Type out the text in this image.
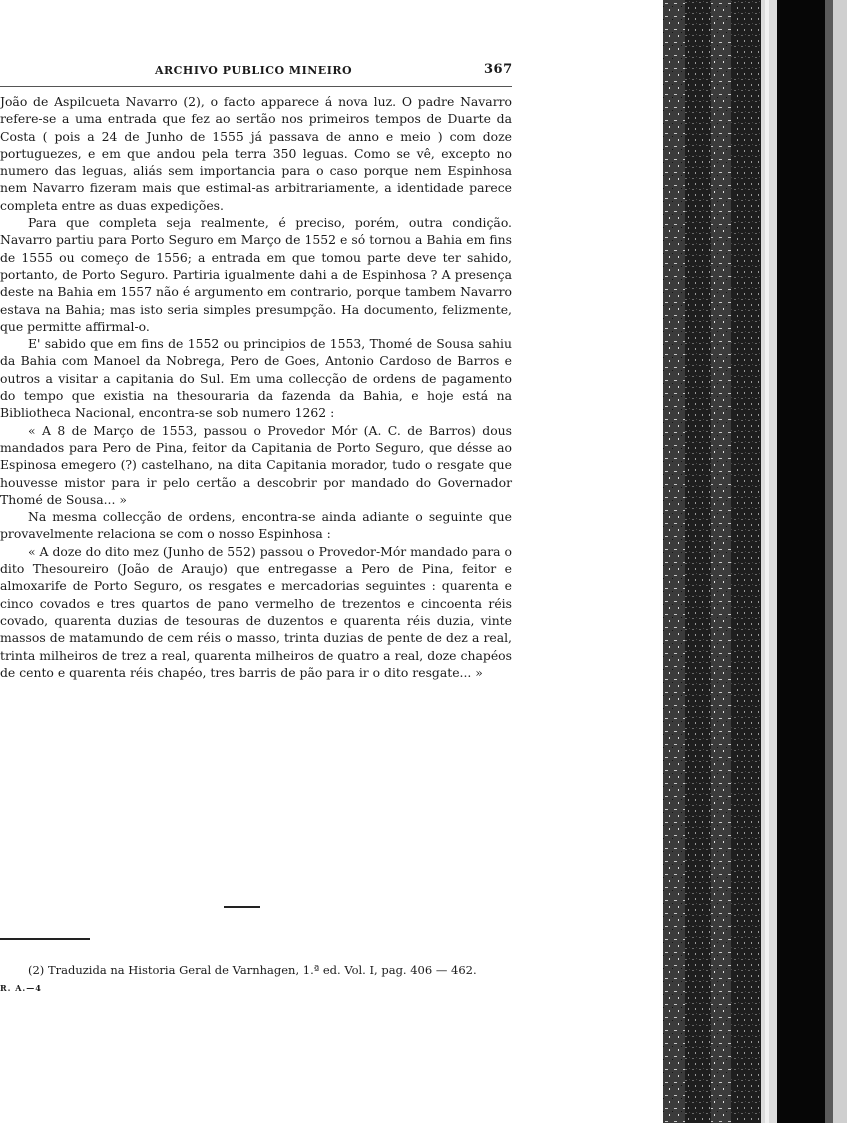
ARCHIVO PUBLICO MINEIRO	367

João de Aspilcueta Navarro (2), o facto apparece á nova luz. O padre Navarro refere-se a uma entrada que fez ao sertão nos primeiros tempos de Duarte da Costa ( pois a 24 de Junho de 1555 já passava de anno e meio ) com doze portuguezes, e em que andou pela terra 350 leguas. Como se vê, excepto no numero das leguas, aliás sem importancia para o caso porque nem Espinhosa nem Navarro fizeram mais que estimal-as arbitrariamente, a identidade parece completa entre as duas expedições.

Para que completa seja realmente, é preciso, porém, outra condição. Navarro partiu para Porto Seguro em Março de 1552 e só tornou a Bahia em fins de 1555 ou começo de 1556; a entrada em que tomou parte deve ter sahido, portanto, de Porto Seguro. Partiria igualmente dahi a de Espinhosa ? A presença deste na Bahia em 1557 não é argumento em contrario, porque tambem Navarro estava na Bahia; mas isto seria simples presumpção. Ha documento, felizmente, que permitte affirmal-o.

E' sabido que em fins de 1552 ou principios de 1553, Thomé de Sousa sahiu da Bahia com Manoel da Nobrega, Pero de Goes, Antonio Cardoso de Barros e outros a visitar a capitania do Sul. Em uma collecção de ordens de pagamento do tempo que existia na thesouraria da fazenda da Bahia, e hoje está na Bibliotheca Nacional, encontra-se sob numero 1262 :

« A 8 de Março de 1553, passou o Provedor Mór (A. C. de Barros) dous mandados para Pero de Pina, feitor da Capitania de Porto Seguro, que désse ao Espinosa emegero (?) castelhano, na dita Capitania morador, tudo o resgate que houvesse mistor para ir pelo certão a descobrir por mandado do Governador Thomé de Sousa... »

Na mesma collecção de ordens, encontra-se ainda adiante o seguinte que provavelmente relaciona se com o nosso Espinhosa :

« A doze do dito mez (Junho de 552) passou o Provedor-Mór mandado para o dito Thesoureiro (João de Araujo) que entregasse a Pero de Pina, feitor e almoxarife de Porto Seguro, os resgates e mercadorias seguintes : quarenta e cinco covados e tres quartos de pano vermelho de trezentos e cincoenta réis covado, quarenta duzias de tesouras de duzentos e quarenta réis duzia, vinte massos de matamundo de cem réis o masso, trinta duzias de pente de dez a real, trinta milheiros de trez a real, quarenta milheiros de quatro a real, doze chapéos de cento e quarenta réis chapéo, tres barris de pão para ir o dito resgate... »

(2) Traduzida na Historia Geral de Varnhagen, 1.ª ed. Vol. I, pag. 406 — 462.

R. A.—4
